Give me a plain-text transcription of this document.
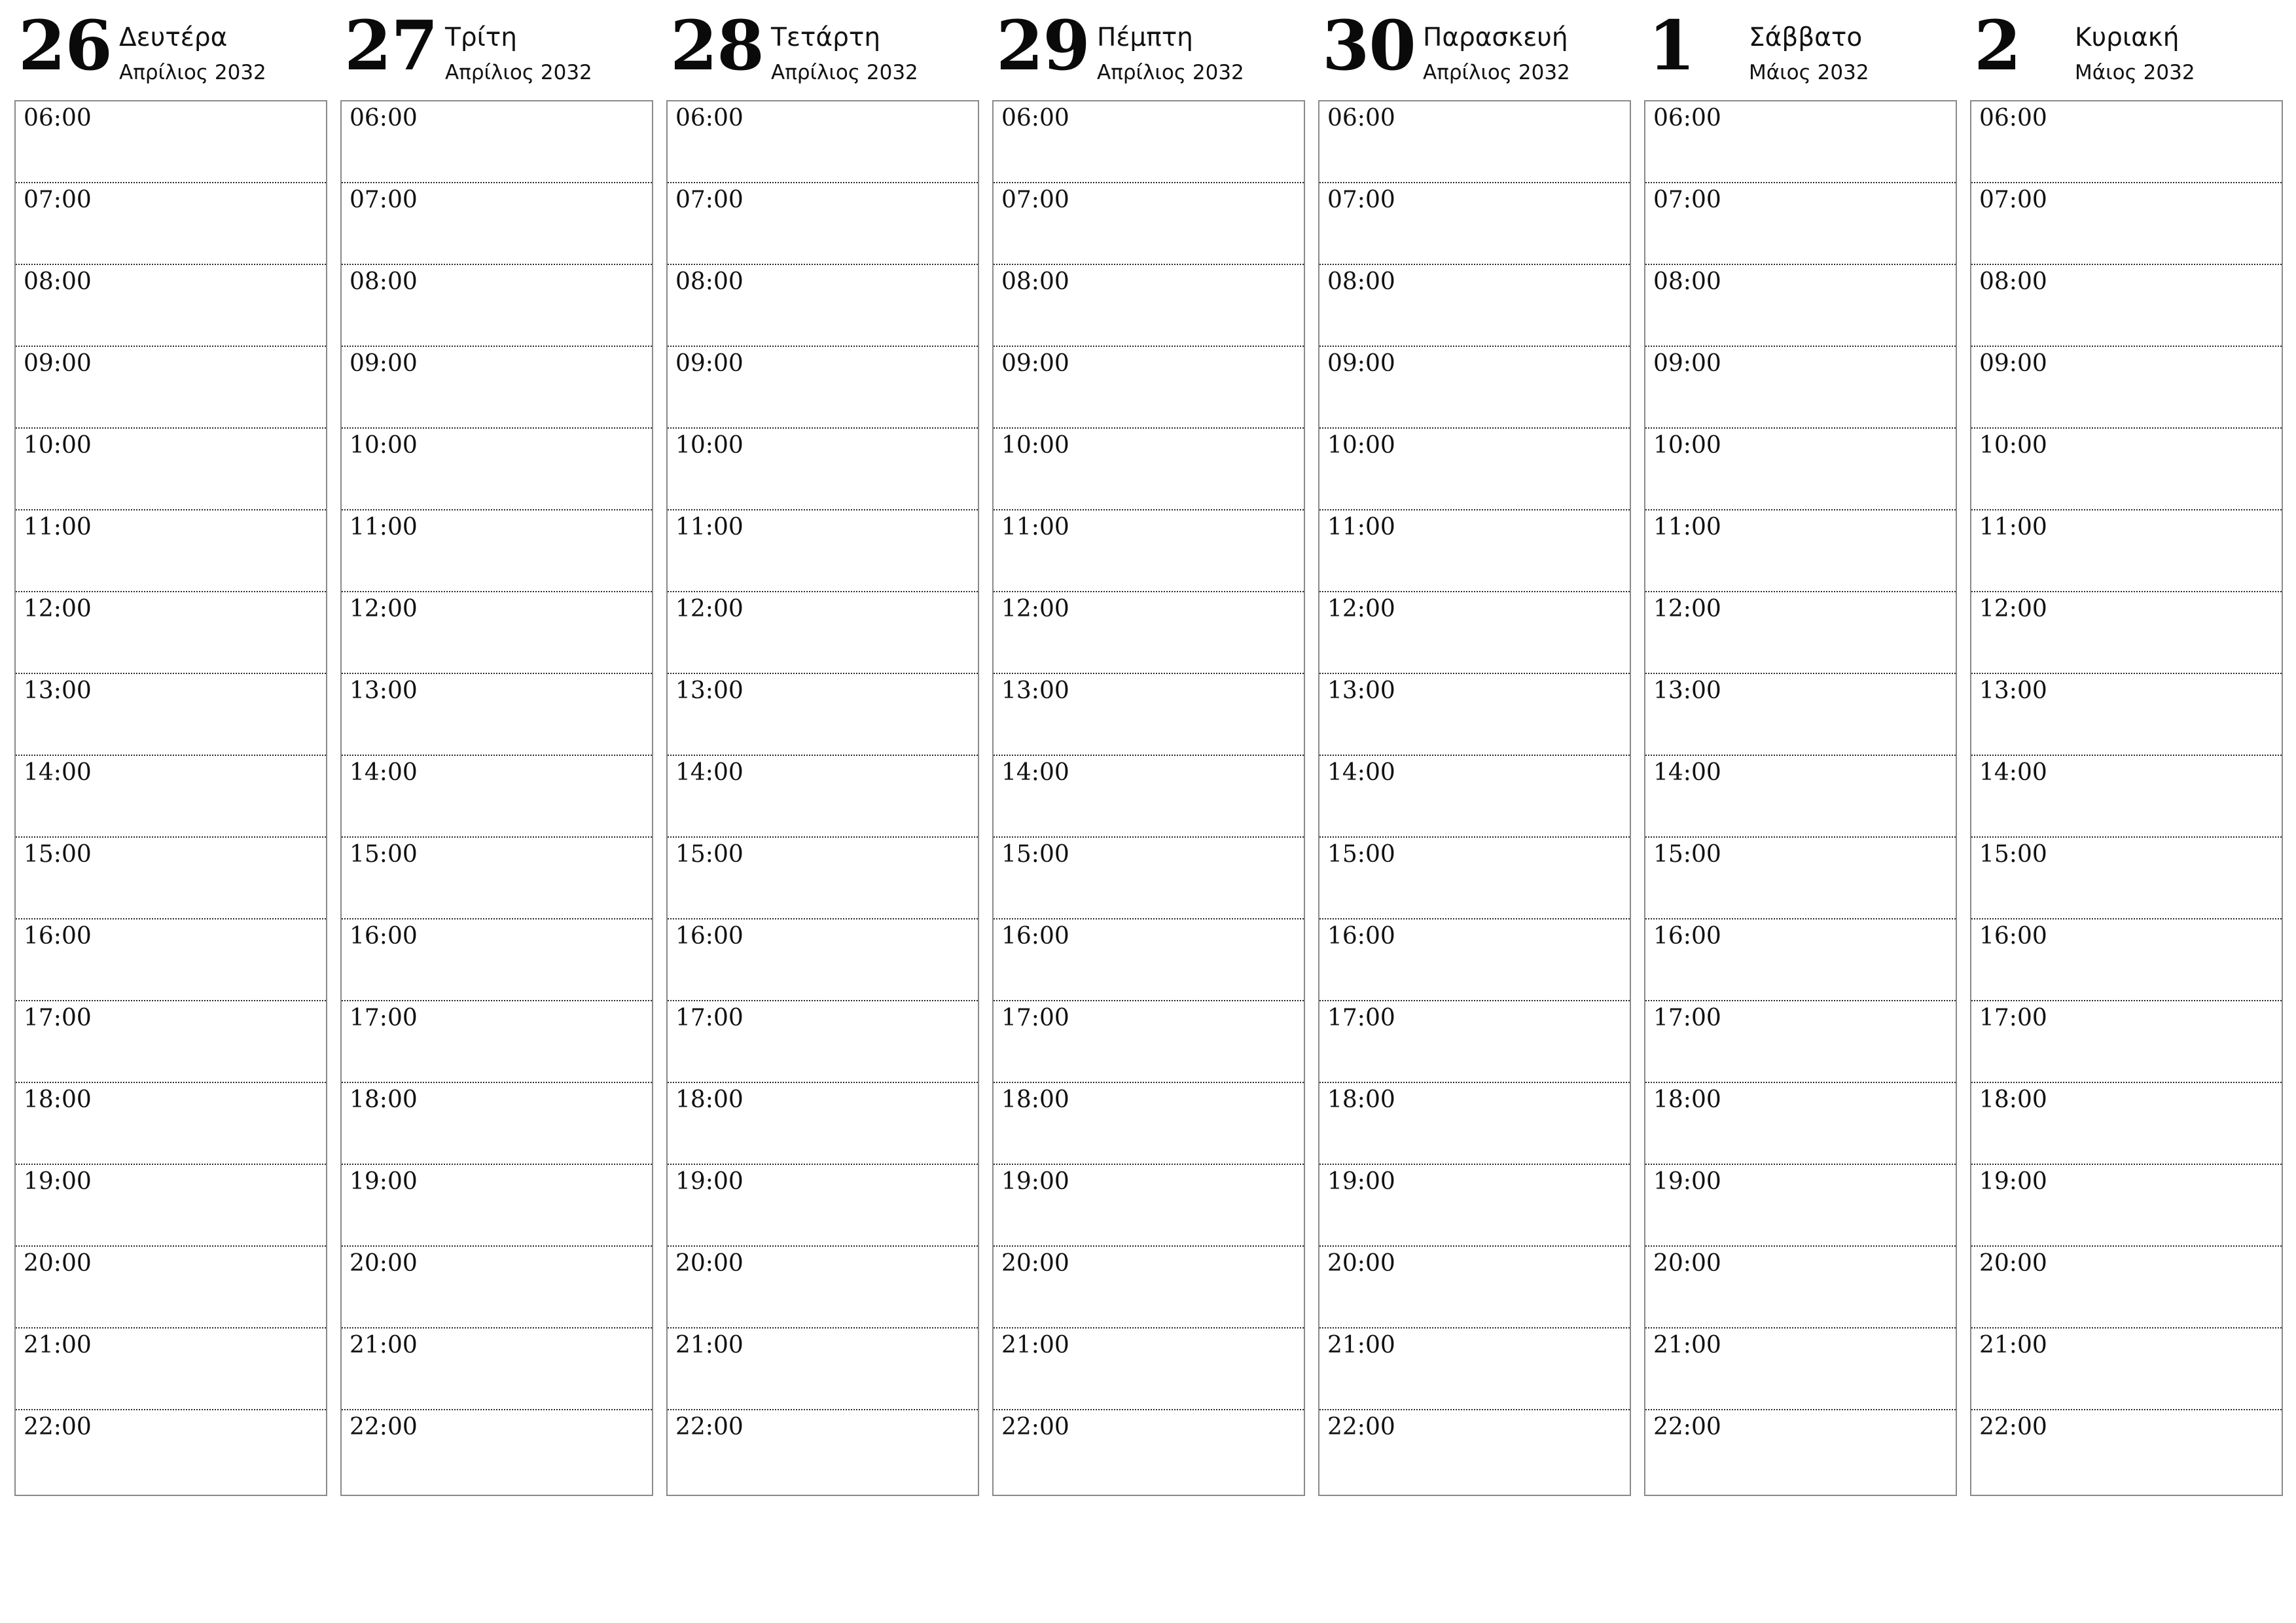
26 Δευτέρα
Απρίλιος 2032
06:00
07:00
08:00
09:00
10:00
11:00
12:00
13:00
14:00
15:00
16:00
17:00
18:00
19:00
20:00
21:00
22:00
27 Τρίτη
Απρίλιος 2032
06:00
07:00
08:00
09:00
10:00
11:00
12:00
13:00
14:00
15:00
16:00
17:00
18:00
19:00
20:00
21:00
22:00
28 Τετάρτη
Απρίλιος 2032
06:00
07:00
08:00
09:00
10:00
11:00
12:00
13:00
14:00
15:00
16:00
17:00
18:00
19:00
20:00
21:00
22:00
29 Πέμπτη
Απρίλιος 2032
06:00
07:00
08:00
09:00
10:00
11:00
12:00
13:00
14:00
15:00
16:00
17:00
18:00
19:00
20:00
21:00
22:00
30 Παρασκευή
Απρίλιος 2032
06:00
07:00
08:00
09:00
10:00
11:00
12:00
13:00
14:00
15:00
16:00
17:00
18:00
19:00
20:00
21:00
22:00
1 Σάββατο
Μάιος 2032
06:00
07:00
08:00
09:00
10:00
11:00
12:00
13:00
14:00
15:00
16:00
17:00
18:00
19:00
20:00
21:00
22:00
2 Κυριακή
Μάιος 2032
06:00
07:00
08:00
09:00
10:00
11:00
12:00
13:00
14:00
15:00
16:00
17:00
18:00
19:00
20:00
21:00
22:00
